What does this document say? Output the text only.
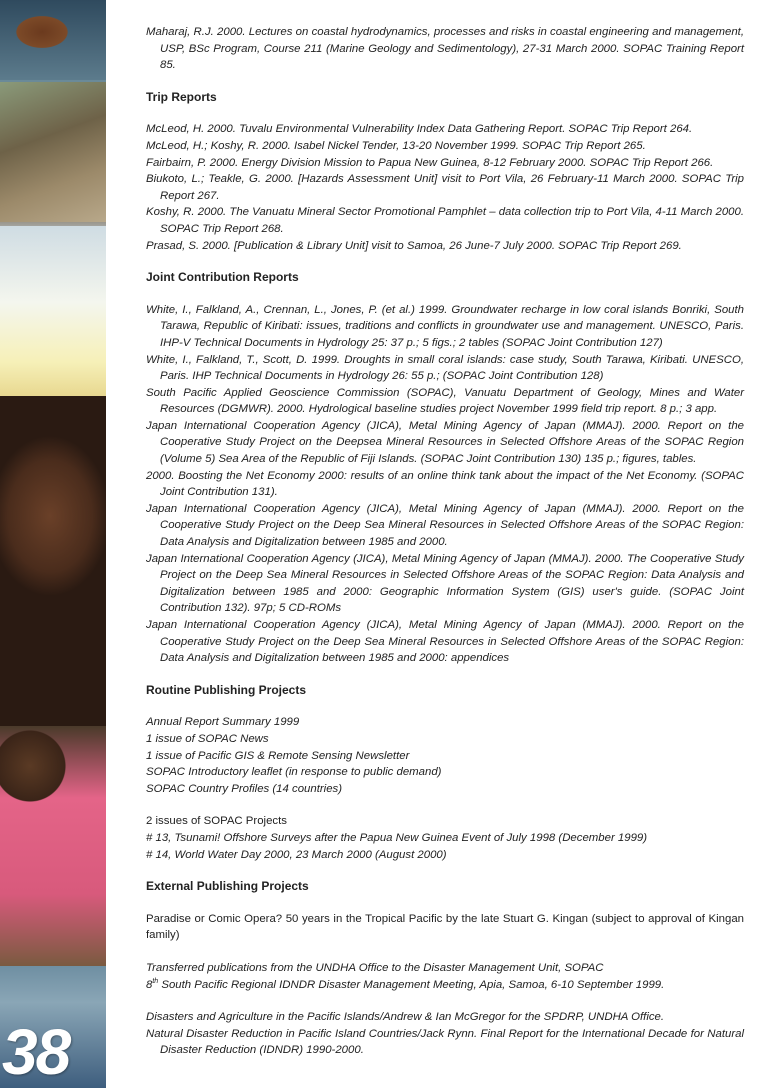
38

Maharaj, R.J. 2000. Lectures on coastal hydrodynamics, processes and risks in coastal engineering and management, USP, BSc Program, Course 211 (Marine Geology and Sedimentology), 27-31 March 2000. SOPAC Training Report 85.

Trip Reports

McLeod, H. 2000. Tuvalu Environmental Vulnerability Index Data Gathering Report. SOPAC Trip Report 264.

McLeod, H.; Koshy, R. 2000. Isabel Nickel Tender, 13-20 November 1999. SOPAC Trip Report 265.

Fairbairn, P. 2000. Energy Division Mission to Papua New Guinea, 8-12 February 2000. SOPAC Trip Report 266.

Biukoto, L.; Teakle, G. 2000. [Hazards Assessment Unit] visit to Port Vila, 26 February-11 March 2000. SOPAC Trip Report 267.

Koshy, R. 2000. The Vanuatu Mineral Sector Promotional Pamphlet – data collection trip to Port Vila, 4-11 March 2000. SOPAC Trip Report 268.

Prasad, S. 2000. [Publication & Library Unit] visit to Samoa, 26 June-7 July 2000. SOPAC Trip Report 269.

Joint Contribution Reports

White, I., Falkland, A., Crennan, L., Jones, P. (et al.) 1999. Groundwater recharge in low coral islands Bonriki, South Tarawa, Republic of Kiribati: issues, traditions and conflicts in groundwater use and management. UNESCO, Paris. IHP-V Technical Documents in Hydrology 25: 37 p.; 5 figs.; 2 tables (SOPAC Joint Contribution 127)

White, I., Falkland, T., Scott, D. 1999. Droughts in small coral islands: case study, South Tarawa, Kiribati. UNESCO, Paris. IHP Technical Documents in Hydrology 26: 55 p.; (SOPAC Joint Contribution 128)

South Pacific Applied Geoscience Commission (SOPAC), Vanuatu Department of Geology, Mines and Water Resources (DGMWR). 2000. Hydrological baseline studies project November 1999 field trip report. 8 p.; 3 app.

Japan International Cooperation Agency (JICA), Metal Mining Agency of Japan (MMAJ). 2000. Report on the Cooperative Study Project on the Deepsea Mineral Resources in Selected Offshore Areas of the SOPAC Region (Volume 5) Sea Area of the Republic of Fiji Islands. (SOPAC Joint Contribution 130) 135 p.; figures, tables.

2000. Boosting the Net Economy 2000: results of an online think tank about the impact of the Net Economy. (SOPAC Joint Contribution 131).

Japan International Cooperation Agency (JICA), Metal Mining Agency of Japan (MMAJ). 2000. Report on the Cooperative Study Project on the Deep Sea Mineral Resources in Selected Offshore Areas of the SOPAC Region: Data Analysis and Digitalization between 1985 and 2000.

Japan International Cooperation Agency (JICA), Metal Mining Agency of Japan (MMAJ). 2000. The Cooperative Study Project on the Deep Sea Mineral Resources in Selected Offshore Areas of the SOPAC Region: Data Analysis and Digitalization between 1985 and 2000: Geographic Information System (GIS) user's guide. (SOPAC Joint Contribution 132). 97p; 5 CD-ROMs

Japan International Cooperation Agency (JICA), Metal Mining Agency of Japan (MMAJ). 2000. Report on the Cooperative Study Project on the Deep Sea Mineral Resources in Selected Offshore Areas of the SOPAC Region: Data Analysis and Digitalization between 1985 and 2000: appendices

Routine Publishing Projects

Annual Report Summary 1999

1 issue of SOPAC News

1 issue of Pacific GIS & Remote Sensing Newsletter

SOPAC Introductory leaflet (in response to public demand)

SOPAC Country Profiles (14 countries)

2 issues of SOPAC Projects

# 13, Tsunami! Offshore Surveys after the Papua New Guinea Event of July 1998 (December 1999)

# 14, World Water Day 2000, 23 March 2000 (August 2000)

External Publishing Projects

Paradise or Comic Opera? 50 years in the Tropical Pacific by the late Stuart G. Kingan (subject to approval of Kingan family)

Transferred publications from the UNDHA Office to the Disaster Management Unit, SOPAC

8th South Pacific Regional IDNDR Disaster Management Meeting, Apia, Samoa, 6-10 September 1999.

Disasters and Agriculture in the Pacific Islands/Andrew & Ian McGregor for the SPDRP, UNDHA Office.

Natural Disaster Reduction in Pacific Island Countries/Jack Rynn. Final Report for the International Decade for Natural Disaster Reduction (IDNDR) 1990-2000.
